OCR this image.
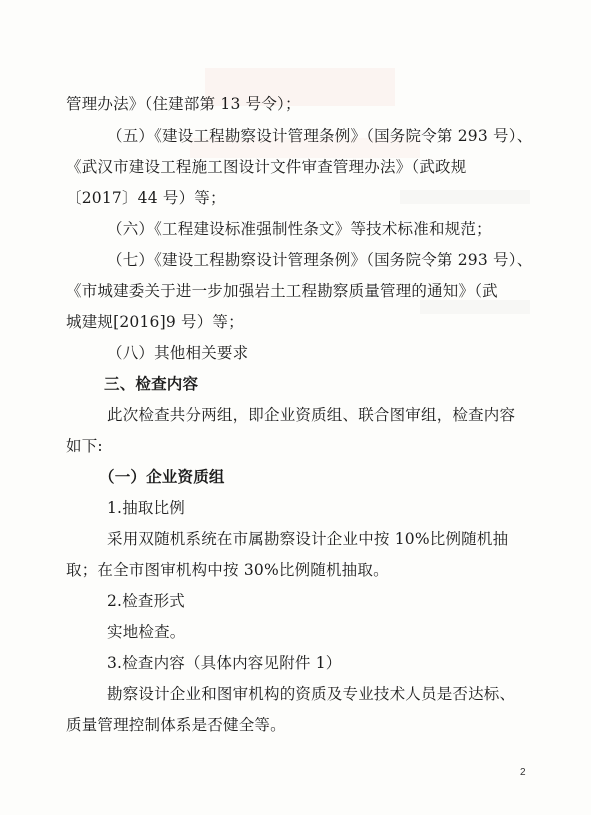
管理办法》（住建部第 13 号令）；
（五）《建设工程勘察设计管理条例》（国务院令第 293 号）、
《武汉市建设工程施工图设计文件审查管理办法》（武政规
〔2017〕44 号）等；
（六）《工程建设标准强制性条文》等技术标准和规范；
（七）《建设工程勘察设计管理条例》（国务院令第 293 号）、
《市城建委关于进一步加强岩土工程勘察质量管理的通知》（武
城建规[2016]9 号）等；
（八）其他相关要求
三、检查内容
此次检查共分两组，即企业资质组、联合图审组，检查内容
如下:
（一）企业资质组
1.抽取比例
采用双随机系统在市属勘察设计企业中按 10%比例随机抽
取；在全市图审机构中按 30%比例随机抽取。
2.检查形式
实地检查。
3.检查内容（具体内容见附件 1）
勘察设计企业和图审机构的资质及专业技术人员是否达标、
质量管理控制体系是否健全等。
2
